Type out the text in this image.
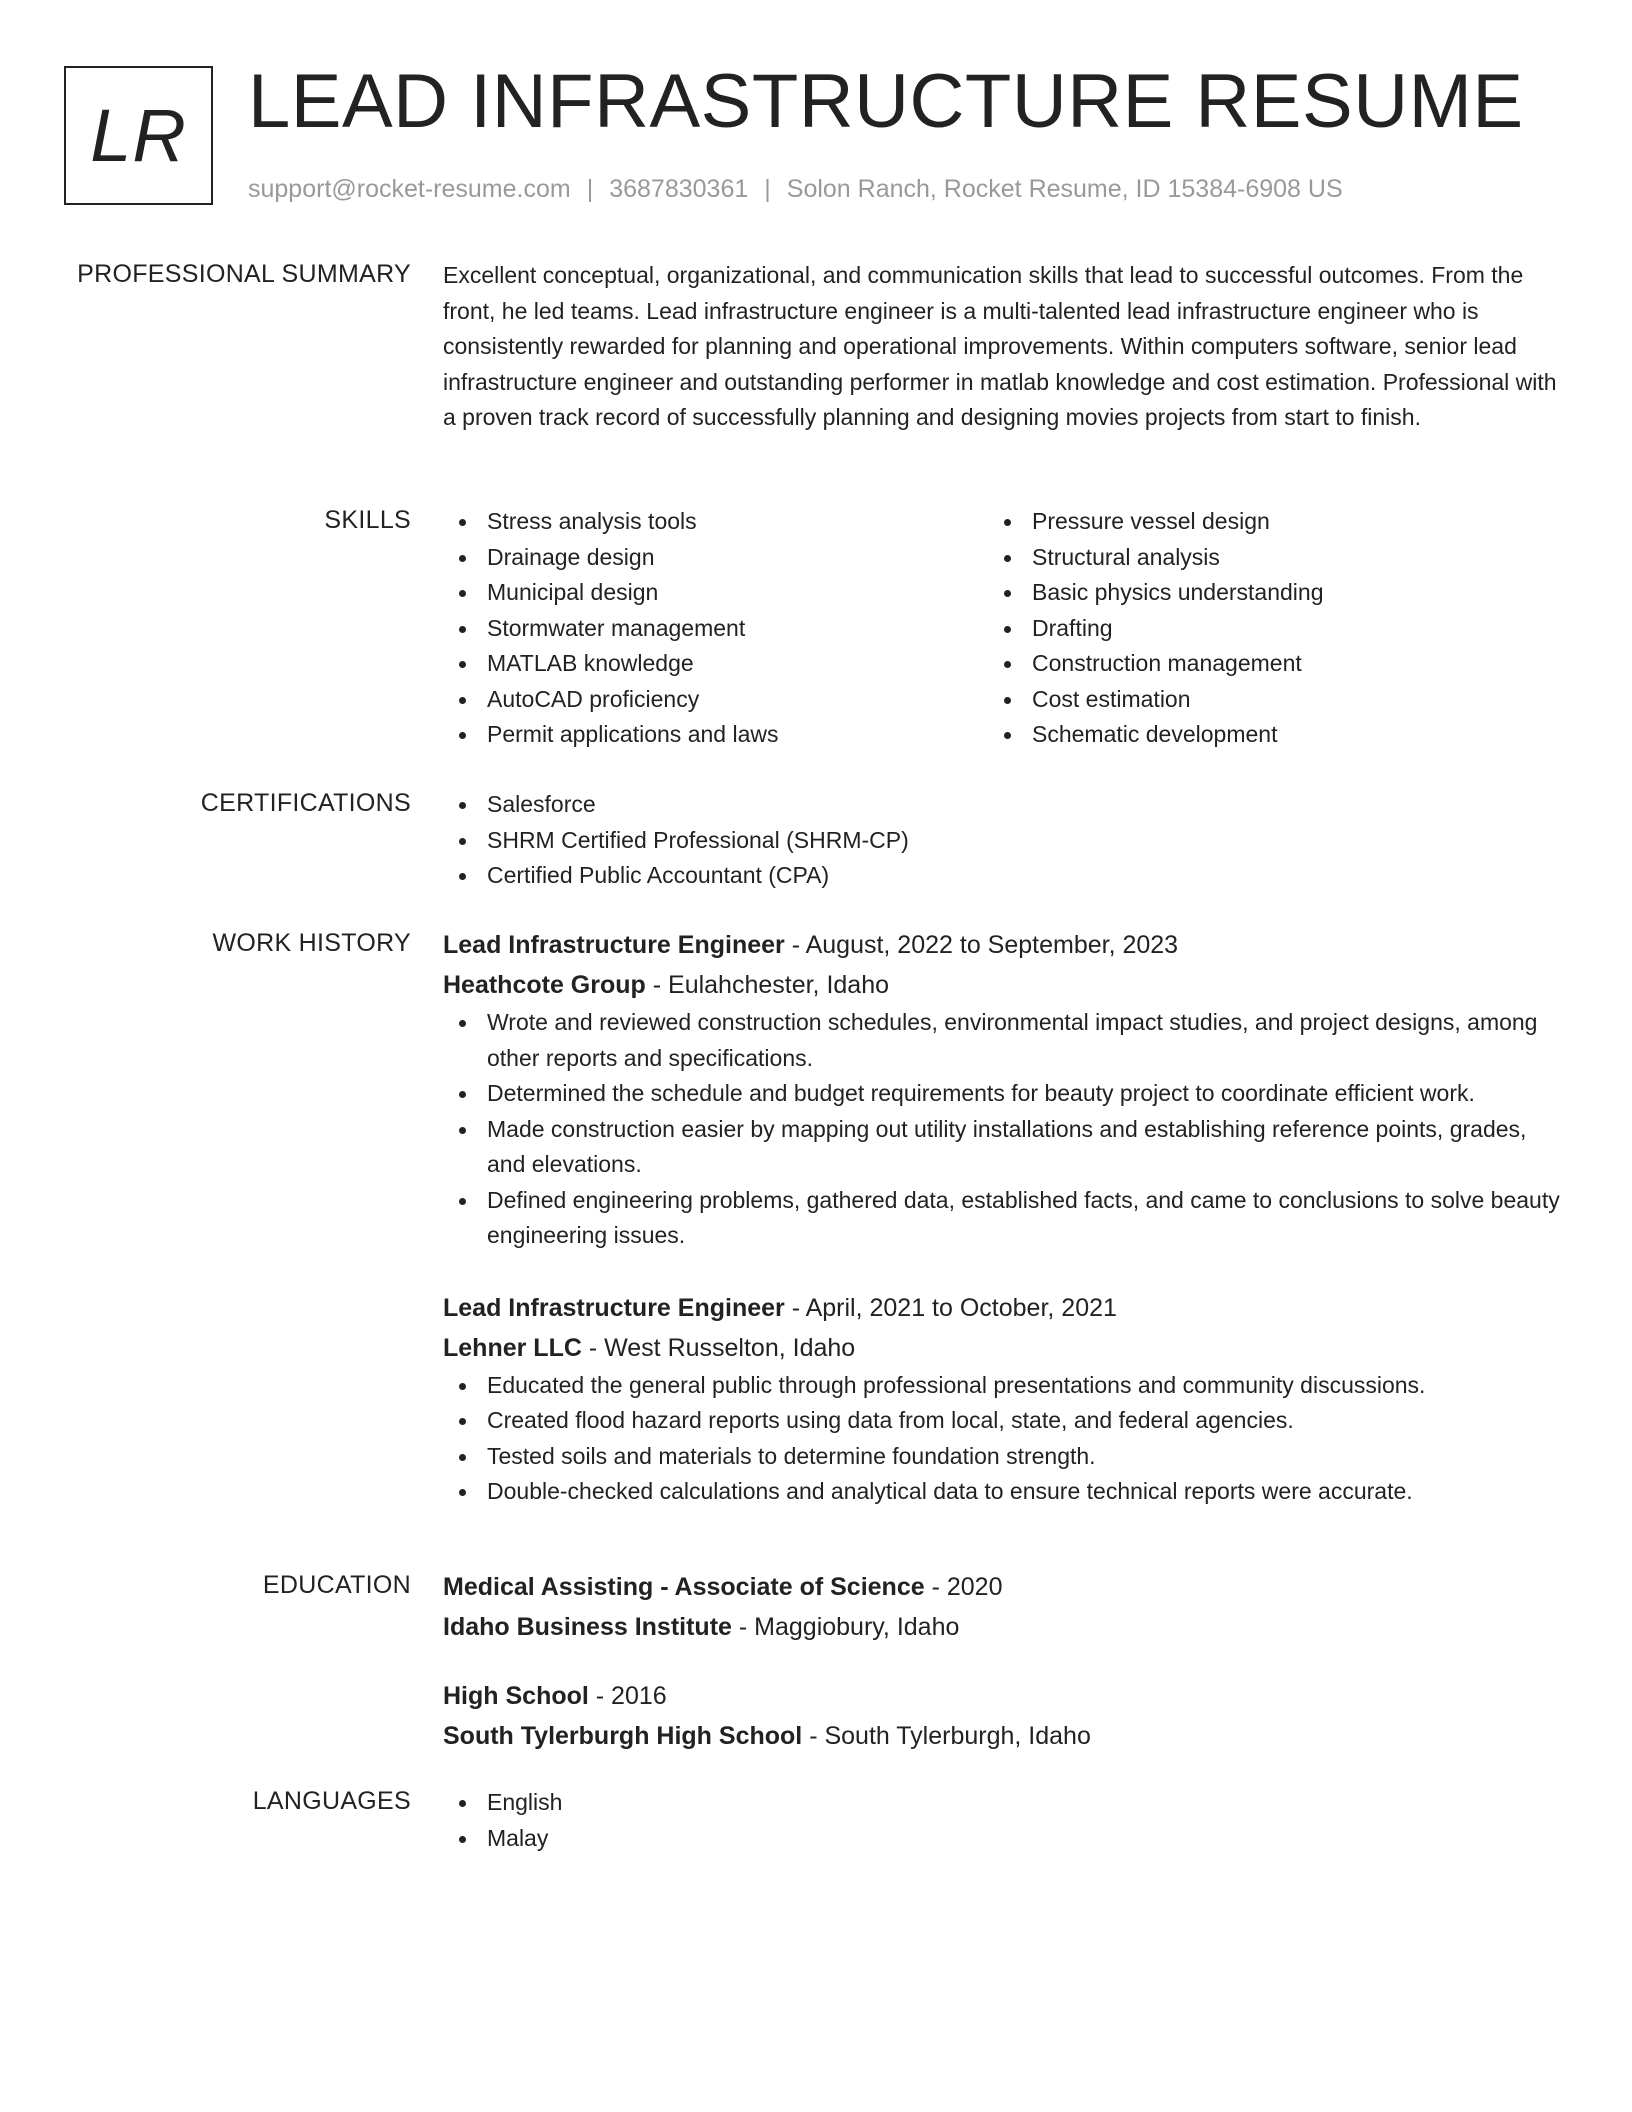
LR LEAD INFRASTRUCTURE RESUME
support@rocket-resume.com | 3687830361 | Solon Ranch, Rocket Resume, ID 15384-6908 US
PROFESSIONAL SUMMARY Excellent conceptual, organizational, and communication skills that lead to successful outcomes. From the front, he led teams. Lead infrastructure engineer is a multi-talented lead infrastructure engineer who is consistently rewarded for planning and operational improvements. Within computers software, senior lead infrastructure engineer and outstanding performer in matlab knowledge and cost estimation. Professional with a proven track record of successfully planning and designing movies projects from start to finish.

SKILLS	Stress analysis tools
Drainage design
Municipal design
Stormwater management
MATLAB knowledge
AutoCAD proficiency
Permit applications and laws
Pressure vessel design
Structural analysis
Basic physics understanding
Drafting
Construction management
Cost estimation
Schematic development
CERTIFICATIONS	Salesforce
SHRM Certified Professional (SHRM-CP)
Certified Public Accountant (CPA)
WORK HISTORY Lead Infrastructure Engineer - August, 2022 to September, 2023
Heathcote Group - Eulahchester, Idaho
Wrote and reviewed construction schedules, environmental impact studies, and project designs, among other reports and specifications.
Determined the schedule and budget requirements for beauty project to coordinate efficient work.
Made construction easier by mapping out utility installations and establishing reference points, grades, and elevations.
Defined engineering problems, gathered data, established facts, and came to conclusions to solve beauty engineering issues.
Lead Infrastructure Engineer - April, 2021 to October, 2021
Lehner LLC - West Russelton, Idaho
Educated the general public through professional presentations and community discussions.
Created flood hazard reports using data from local, state, and federal agencies.
Tested soils and materials to determine foundation strength.
Double-checked calculations and analytical data to ensure technical reports were accurate.
EDUCATION Medical Assisting - Associate of Science - 2020
Idaho Business Institute - Maggiobury, Idaho
High School - 2016
South Tylerburgh High School - South Tylerburgh, Idaho
LANGUAGES	English
Malay
